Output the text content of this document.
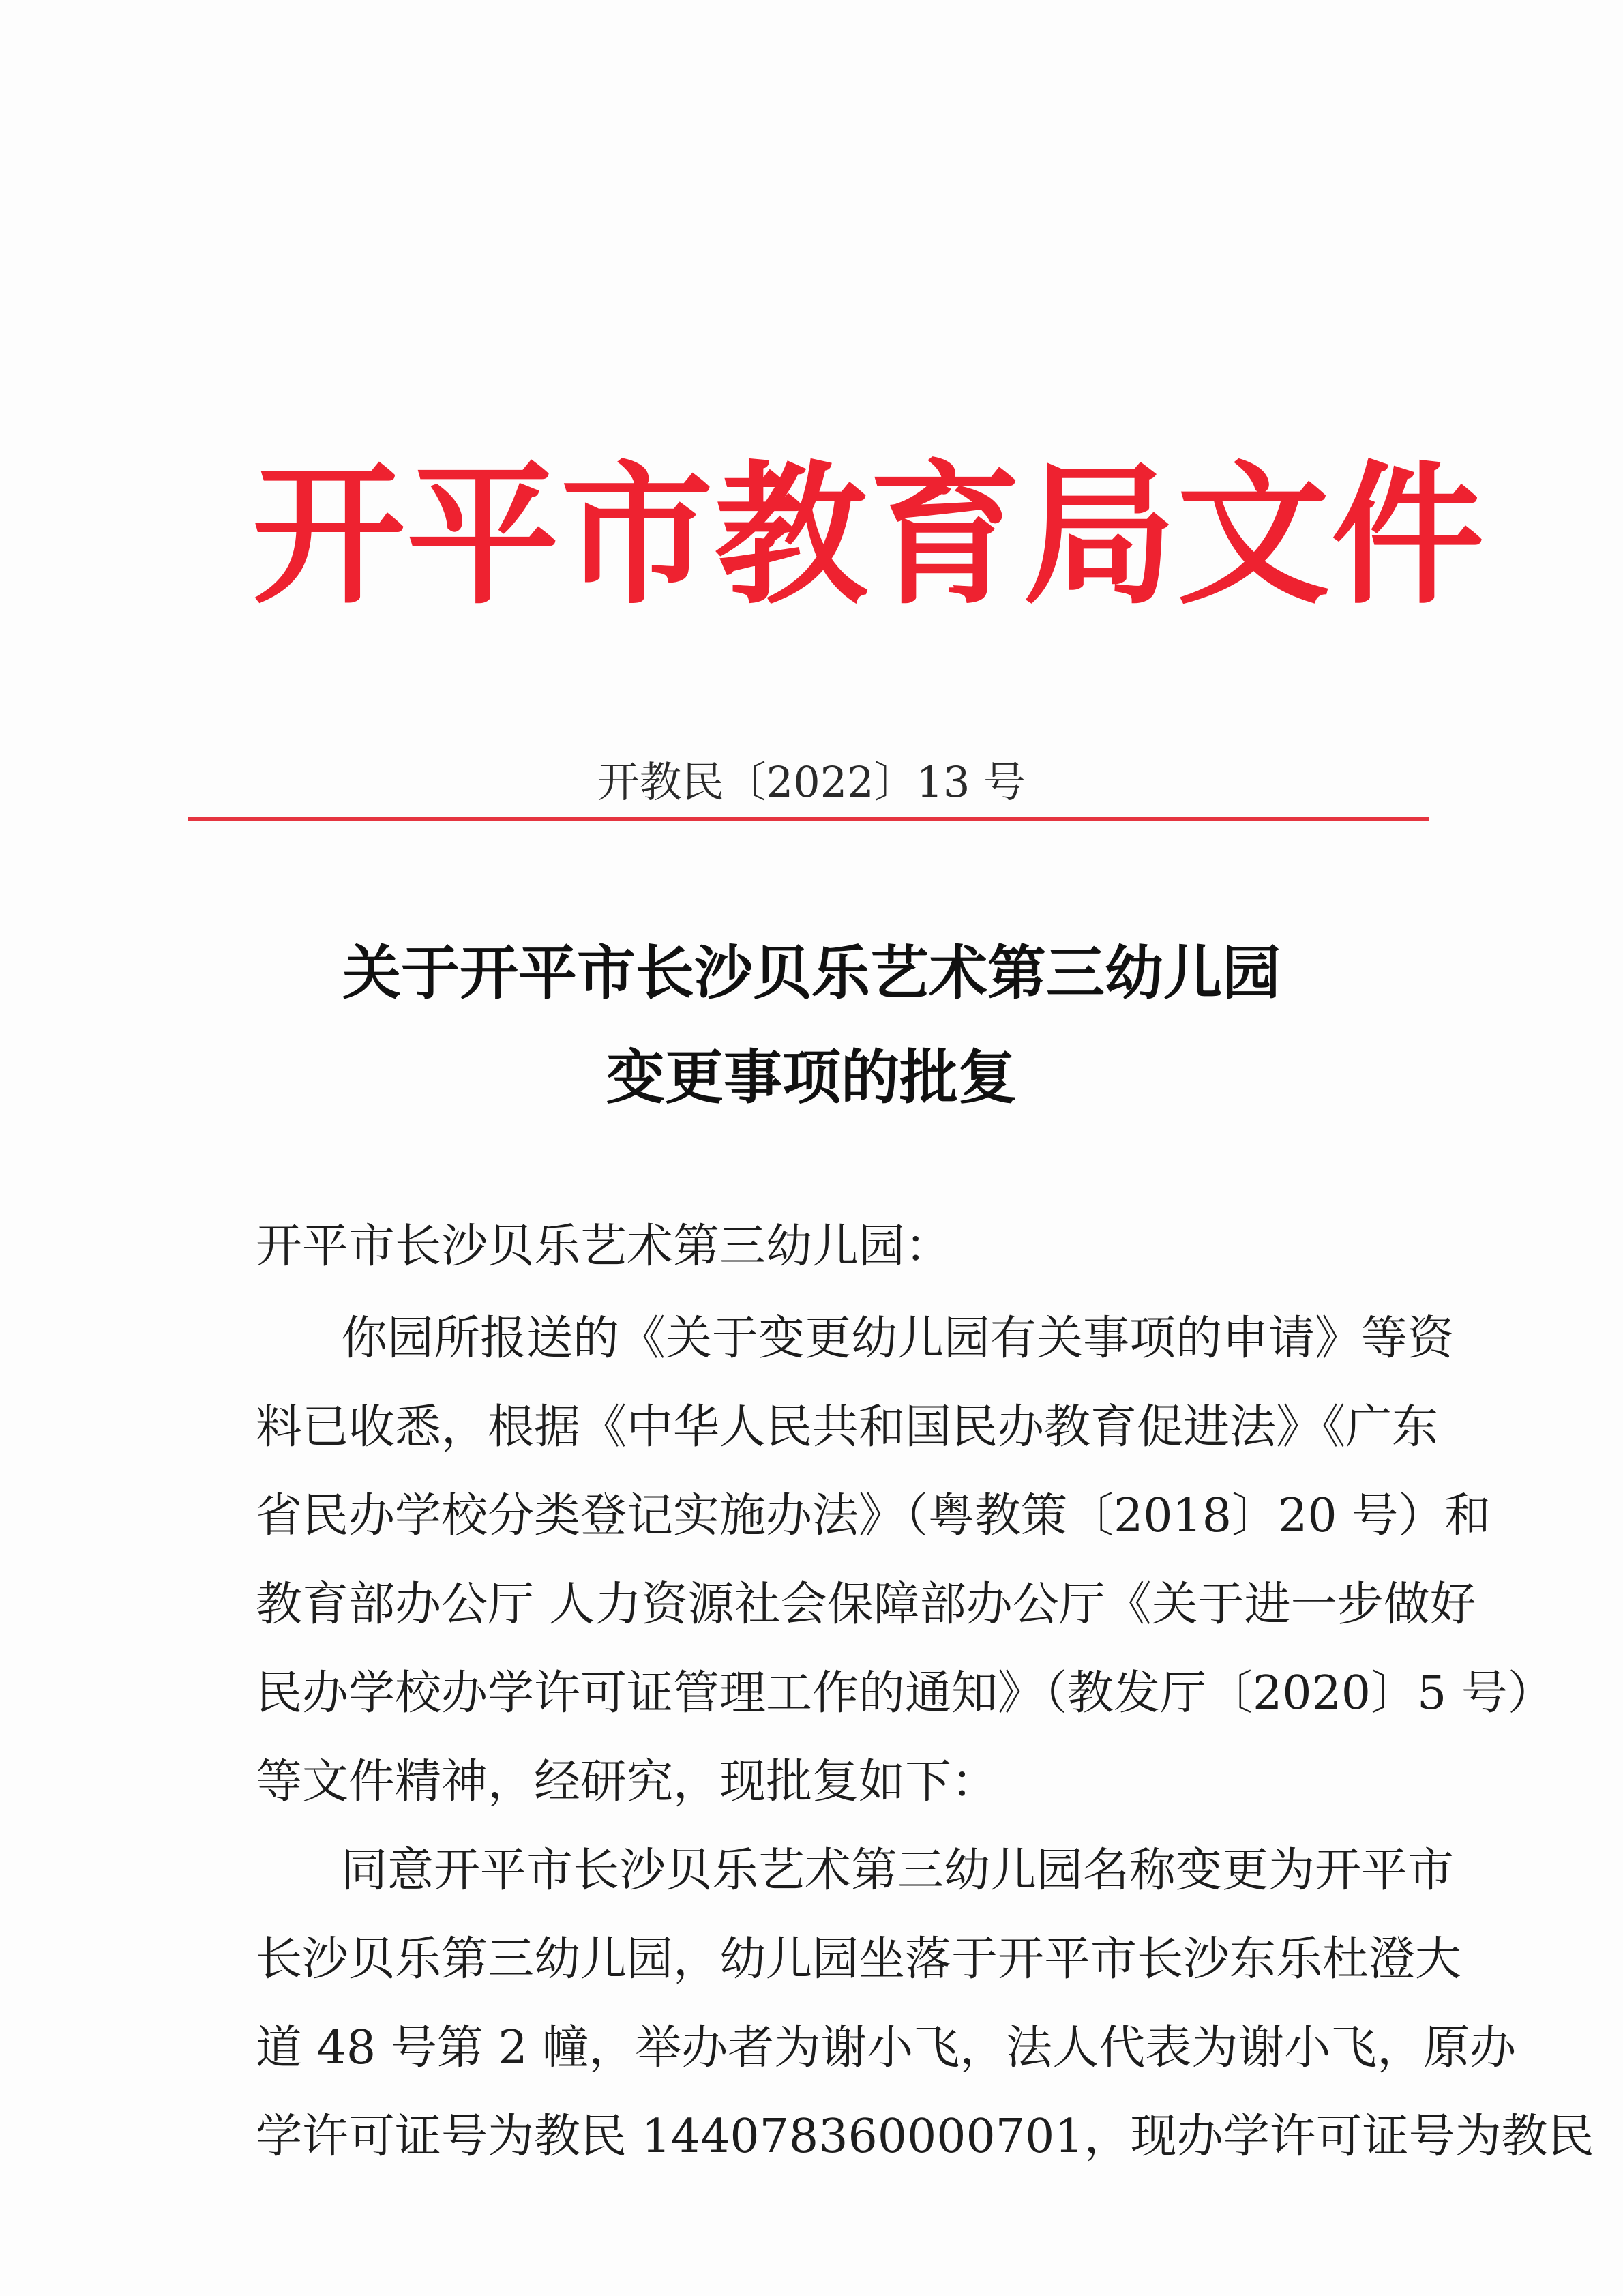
开平市教育局文件
开教民〔2022〕13 号
关于开平市长沙贝乐艺术第三幼儿园
变更事项的批复
开平市长沙贝乐艺术第三幼儿园：
你园所报送的《关于变更幼儿园有关事项的申请》等资
料已收悉，根据《中华人民共和国民办教育促进法》《广东
省民办学校分类登记实施办法》（粤教策〔2018〕20 号）和
教育部办公厅 人力资源社会保障部办公厅《关于进一步做好
民办学校办学许可证管理工作的通知》（教发厅〔2020〕5 号）
等文件精神，经研究，现批复如下：
同意开平市长沙贝乐艺术第三幼儿园名称变更为开平市
长沙贝乐第三幼儿园，幼儿园坐落于开平市长沙东乐杜澄大
道 48 号第 2 幢，举办者为谢小飞，法人代表为谢小飞，原办
学许可证号为教民 144078360000701，现办学许可证号为教民
